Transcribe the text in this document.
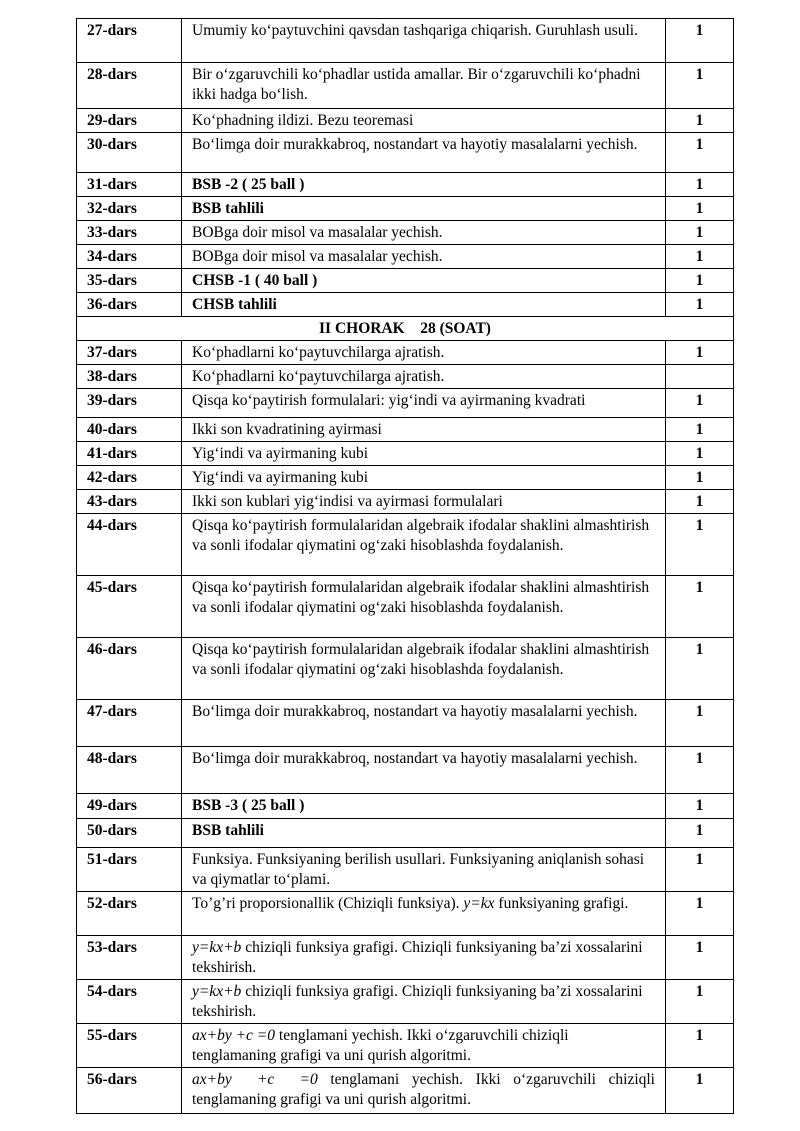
27-dars	Umumiy ko‘paytuvchini qavsdan tashqariga chiqarish. Guruhlash usuli.	1
28-dars	Bir o‘zgaruvchili ko‘phadlar ustida amallar. Bir o‘zgaruvchili ko‘phadni ikki hadga bo‘lish.	1
29-dars	Ko‘phadning ildizi. Bezu teoremasi	1
30-dars	Bo‘limga doir murakkabroq, nostandart va hayotiy masalalarni yechish.	1
31-dars	BSB -2 ( 25 ball )	1
32-dars	BSB tahlili	1
33-dars	BOBga doir misol va masalalar yechish.	1
34-dars	BOBga doir misol va masalalar yechish.	1
35-dars	CHSB -1 ( 40 ball )	1
36-dars	CHSB tahlili	1
II CHORAK    28 (SOAT)		
37-dars	Ko‘phadlarni ko‘paytuvchilarga ajratish.	1
38-dars	Ko‘phadlarni ko‘paytuvchilarga ajratish.	
39-dars	Qisqa ko‘paytirish formulalari: yig‘indi va ayirmaning kvadrati	1
40-dars	Ikki son kvadratining ayirmasi	1
41-dars	Yig‘indi va ayirmaning kubi	1
42-dars	Yig‘indi va ayirmaning kubi	1
43-dars	Ikki son kublari yig‘indisi va ayirmasi formulalari	1
44-dars	Qisqa ko‘paytirish formulalaridan algebraik ifodalar shaklini almashtirish va sonli ifodalar qiymatini og‘zaki hisoblashda foydalanish.	1
45-dars	Qisqa ko‘paytirish formulalaridan algebraik ifodalar shaklini almashtirish va sonli ifodalar qiymatini og‘zaki hisoblashda foydalanish.	1
46-dars	Qisqa ko‘paytirish formulalaridan algebraik ifodalar shaklini almashtirish va sonli ifodalar qiymatini og‘zaki hisoblashda foydalanish.	1
47-dars	Bo‘limga doir murakkabroq, nostandart va hayotiy masalalarni yechish.	1
48-dars	Bo‘limga doir murakkabroq, nostandart va hayotiy masalalarni yechish.	1
49-dars	BSB -3 ( 25 ball )	1
50-dars	BSB tahlili	1
51-dars	Funksiya. Funksiyaning berilish usullari. Funksiyaning aniqlanish sohasi va qiymatlar to‘plami.	1
52-dars	To’g’ri proporsionallik (Chiziqli funksiya). y=kx funksiyaning grafigi.	1
53-dars	y=kx+b chiziqli funksiya grafigi. Chiziqli funksiyaning ba’zi xossalarini tekshirish.	1
54-dars	y=kx+b chiziqli funksiya grafigi. Chiziqli funksiyaning ba’zi xossalarini tekshirish.	1
55-dars	ax+by +c =0 tenglamani yechish. Ikki o‘zgaruvchili chiziqli tenglamaning grafigi va uni qurish algoritmi.	1
56-dars	ax+by  +c  =0 tenglamani yechish. Ikki o‘zgaruvchili chiziqli tenglamaning grafigi va uni qurish algoritmi.	1
